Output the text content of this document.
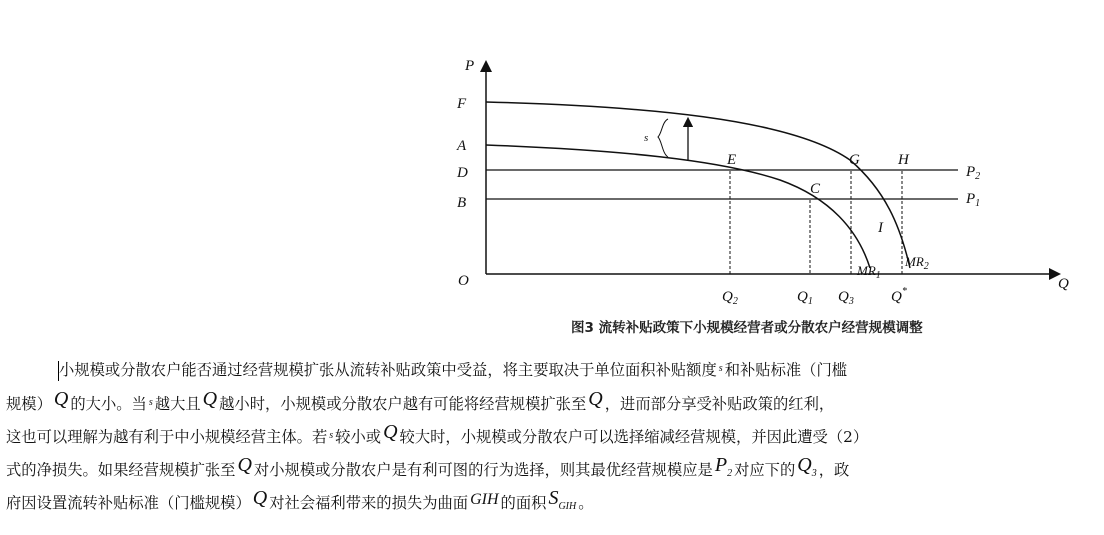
P
Q
O
F
A
D
B
$P_2$
$P_1$
E	G	H
C
I
s
$MR_1$
$MR_2$
$Q_2$	$Q_1$ $Q_3$ Q*
图3 流转补贴政策下小规模经营者或分散农户经营规模调整
小规模或分散农户能否通过经营规模扩张从流转补贴政策中受益，将主要取决于单位面积补贴额度 $^s$ 和补贴标准（门槛
规模） Q 的大小。当 $^s$ 越大且 Q 越小时，小规模或分散农户越有可能将经营规模扩张至 Q ，进而部分享受补贴政策的红利，
这也可以理解为越有利于中小规模经营主体。若 $^s$ 较小或 Q 较大时，小规模或分散农户可以选择缩减经营规模，并因此遭受（2）
式的净损失。如果经营规模扩张至 Q 对小规模或分散农户是有利可图的行为选择，则其最优经营规模应是 $P_2$ 对应下的 $Q_3$ ，政
府因设置流转补贴标准（门槛规模） Q 对社会福利带来的损失为曲面 GIH 的面积 $S_{GIH}$ 。
